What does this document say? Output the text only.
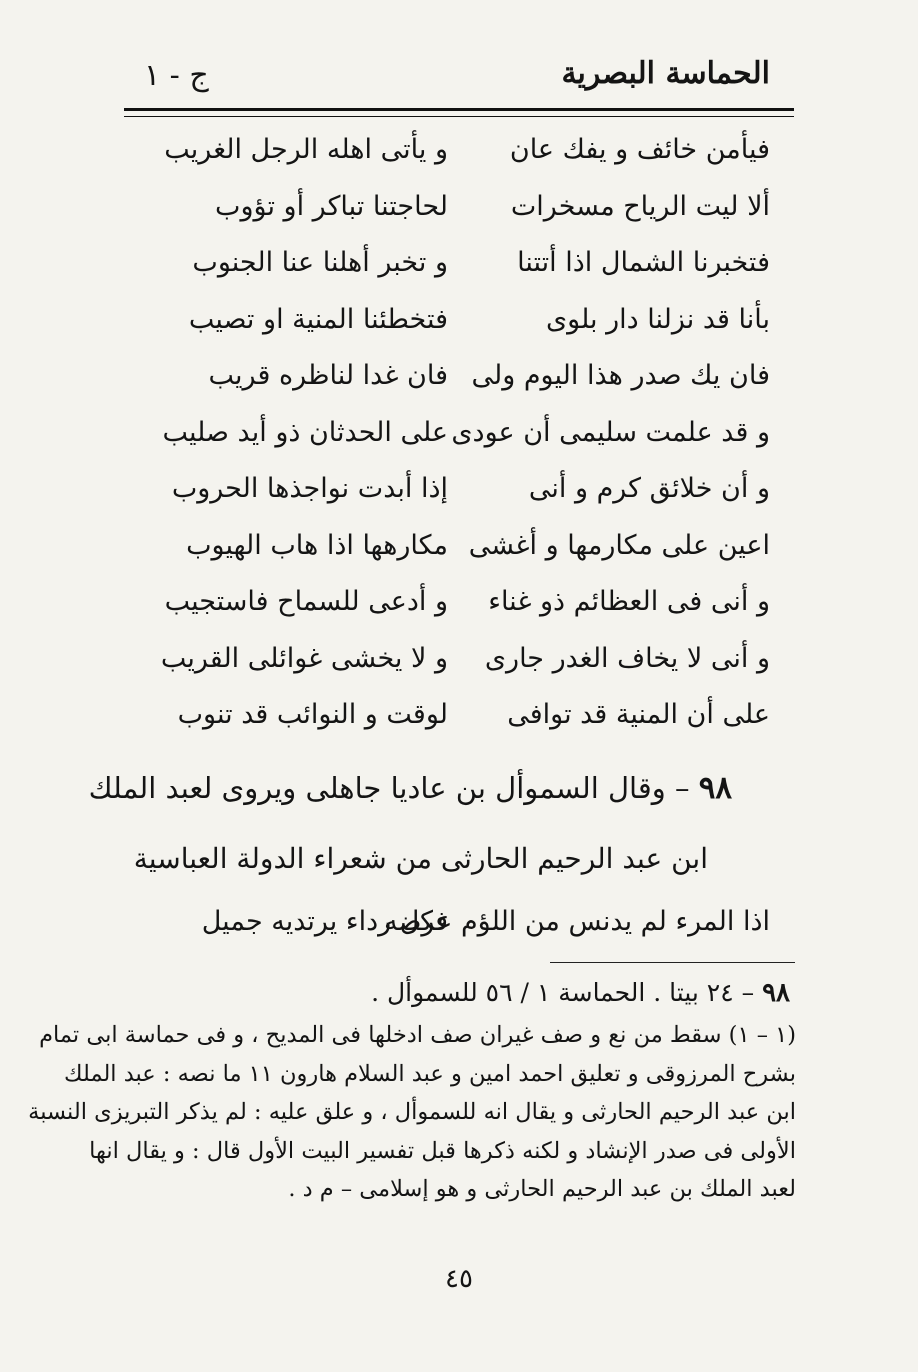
الحماسة البصرية
ج - ١
فيأمن خائف و يفك عان
و يأتى اهله الرجل الغريب
ألا ليت الرياح مسخرات
لحاجتنا تباكر أو تؤوب
فتخبرنا الشمال اذا أتتنا
و تخبر أهلنا عنا الجنوب
بأنا قد نزلنا دار بلوى
فتخطئنا المنية او تصيب
فان يك صدر هذا اليوم ولى
فان غدا لناظره قريب
و قد علمت سليمى أن عودى
على الحدثان ذو أيد صليب
و أن خلائق كرم و أنى
إذا أبدت نواجذها الحروب
اعين على مكارمها و أغشى
مكارهها اذا هاب الهيوب
و أنى فى العظائم ذو غناء
و أدعى للسماح فاستجيب
و أنى لا يخاف الغدر جارى
و لا يخشى غوائلى القريب
على أن المنية قد توافى
لوقت و النوائب قد تنوب
٩٨ – وقال السموأل بن عاديا جاهلى ويروى لعبد الملك
ابن عبد الرحيم الحارثى من شعراء الدولة العباسية
اذا المرء لم يدنس من اللؤم عرضه
فكل رداء يرتديه جميل
٩٨ – ٢٤ بيتا . الحماسة ١ / ٥٦ للسموأل .
(١ – ١) سقط من نع و صف غيران صف ادخلها فى المديح ، و فى حماسة ابى تمام
بشرح المرزوقى و تعليق احمد امين و عبد السلام هارون ١١ ما نصه : عبد الملك
ابن عبد الرحيم الحارثى و يقال انه للسموأل ، و علق عليه : لم يذكر التبريزى النسبة
الأولى فى صدر الإنشاد و لكنه ذكرها قبل تفسير البيت الأول قال : و يقال انها
لعبد الملك بن عبد الرحيم الحارثى و هو إسلامى – م د .
٤٥
